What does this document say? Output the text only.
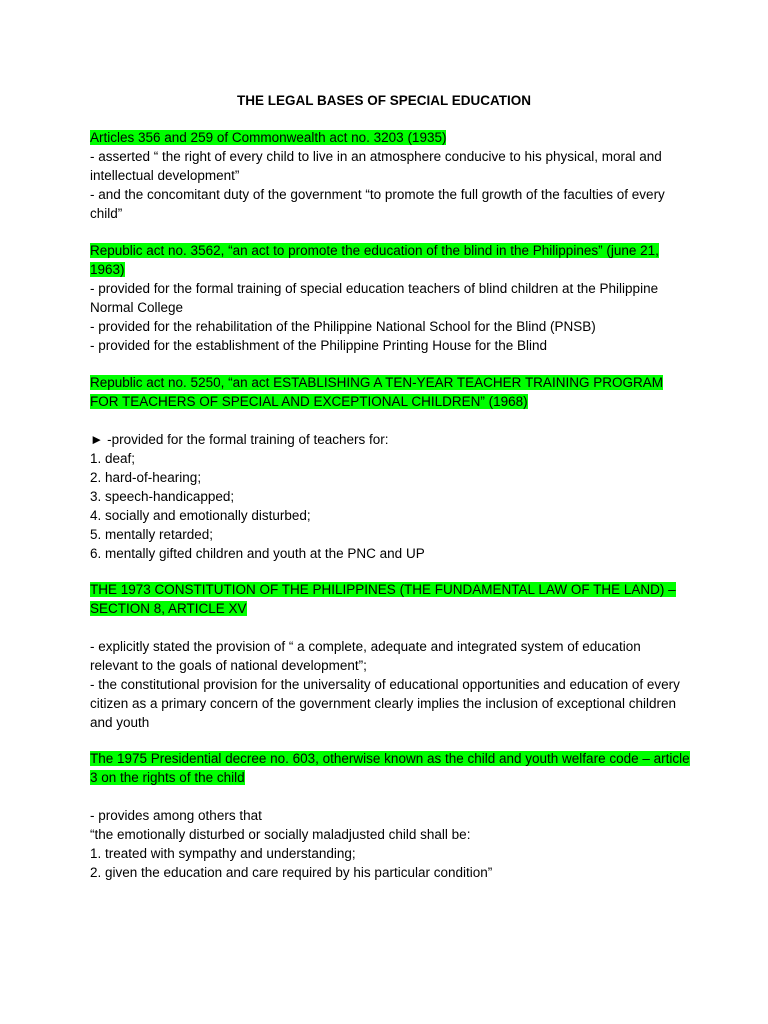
THE LEGAL BASES OF SPECIAL EDUCATION
Articles 356 and 259 of Commonwealth act no. 3203 (1935)
- asserted “ the right of every child to live in an atmosphere conducive to his physical, moral and intellectual development”
- and the concomitant duty of the government “to promote the full growth of the faculties of every child”
Republic act no. 3562, “an act to promote the education of the blind in the Philippines” (june 21, 1963)
- provided for the formal training of special education teachers of blind children at the Philippine Normal College
- provided for the rehabilitation of the Philippine National School for the Blind (PNSB)
- provided for the establishment of the Philippine Printing House for the Blind
Republic act no. 5250, “an act ESTABLISHING A TEN-YEAR TEACHER TRAINING PROGRAM FOR TEACHERS OF SPECIAL AND EXCEPTIONAL CHILDREN” (1968)
► -provided for the formal training of teachers for:
1. deaf;
2. hard-of-hearing;
3. speech-handicapped;
4. socially and emotionally disturbed;
5. mentally retarded;
6. mentally gifted children and youth at the PNC and UP
THE 1973 CONSTITUTION OF THE PHILIPPINES (THE FUNDAMENTAL LAW OF THE LAND) – SECTION 8, ARTICLE XV
- explicitly stated the provision of “ a complete, adequate and integrated system of education relevant to the goals of national development”;
- the constitutional provision for the universality of educational opportunities and education of every citizen as a primary concern of the government clearly implies the inclusion of exceptional children and youth
The 1975 Presidential decree no. 603, otherwise known as the child and youth welfare code – article 3 on the rights of the child
- provides among others that
“the emotionally disturbed or socially maladjusted child shall be:
1. treated with sympathy and understanding;
2. given the education and care required by his particular condition”
